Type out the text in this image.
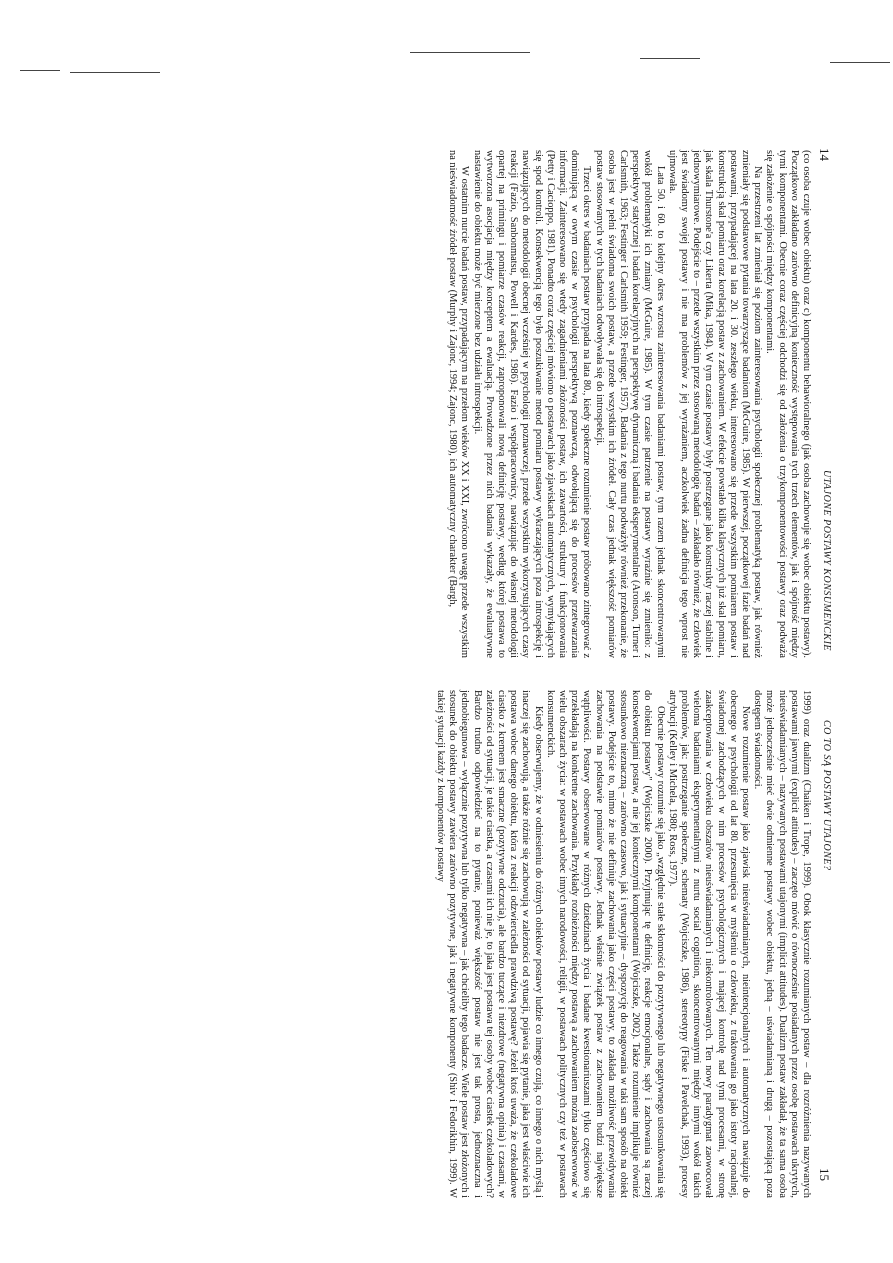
14
15
UTAJONE POSTAWY KONSUMENCKIE
CO TO SĄ POSTAWY UTAJONE?

(co osoba czuje wobec obiektu) oraz c) komponentu behawioralnego (jak osoba zachowuje się wobec obiektu postawy). Początkowo zakładano zarówno definicyjną konieczność występowania tych trzech elementów, jak i spójność między tymi komponentami. Obecnie coraz częściej odchodzi się od założenia o trzykomponentowości postawy oraz podważa się założenie o spójności między komponentami.

Na przestrzeni lat zmieniał się poziom zainteresowania psychologii społecznej problematyką postaw, jak również zmieniały się podstawowe pytania towarzyszące badaniom (McGuire, 1985). W pierwszej, początkowej fazie badań nad postawami, przypadającej na lata 20. i 30. zeszłego wieku, interesowano się przede wszystkim pomiarem postaw i konstrukcją skal pomiaru oraz korelacją postaw z zachowaniem. W efekcie powstało kilka klasycznych już skal pomiaru, jak skala Thurstone'a czy Likerta (Mika, 1984). W tym czasie postawy były postrzegane jako konstrukty raczej stabilne i jednowymiarowe. Podejście to – przede wszystkim przez stosowaną metodologię badań – zakładało również, że człowiek jest świadomy swojej postawy i nie ma problemów z jej wyrażaniem, aczkolwiek żadna definicja tego wprost nie ujmowała.

Lata 50. i 60. to kolejny okres wzrostu zainteresowania badaniami postaw, tym razem jednak skoncentrowanymi wokół problematyki ich zmiany (McGuire, 1985). W tym czasie patrzenie na postawy wyraźnie się zmieniło: z perspektywy statycznej i badań korelacyjnych na perspektywę dynamiczną i badania eksperymentalne (Aronson, Turner i Carlsmith, 1963; Festinger i Carlsmith 1959; Festinger, 1957). Badania z tego nurtu podważyły również przekonanie, że osoba jest w pełni świadoma swoich postaw, a przede wszystkim ich źródeł. Cały czas jednak większość pomiarów postaw stosowanych w tych badaniach odwoływała się do introspekcji.

Trzeci okres w badaniach postaw przypada na lata 80., kiedy społeczne rozumienie postaw próbowano zintegrować z dominującą w owym czasie w psychologii perspektywą poznawczą, odwołującą się do procesów przetwarzania informacji. Zainteresowano się wtedy zagadnieniami złożoności postaw, ich zawartości, struktury i funkcjonowania (Petty i Cacioppo, 1981). Ponadto coraz częściej mówiono o postawach jako zjawiskach automatycznych, wymykających się spod kontroli. Konsekwencją tego było poszukiwanie metod pomiaru postawy wykraczających poza introspekcję i nawiązujących do metodologii obecnej wcześniej w psychologii poznawczej, przede wszystkim wykorzystujących czasy reakcji (Fazio, Sanbonmatsu, Powell i Kardes, 1986). Fazio i współpracownicy, nawiązując do własnej metodologii opartej na primingu i pomiarze czasów reakcji, zaproponowali nową definicję postawy, według której postawa to wytworzona asocjacja między konceptem a ewaluacją. Prowadzone przez nich badania wykazały, że ewaluatywne nastawienie do obiektu może być mierzone bez udziału introspekcji.

W ostatnim nurcie badań postaw, przypadającym na przełom wieków XX i XXI, zwrócono uwagę przede wszystkim na nieświadomość źródeł postaw (Murphy i Zajonc, 1994; Zajonc, 1980), ich automatyczny charakter (Bargh,

1999) oraz dualizm (Chaiken i Trope, 1999). Obok klasycznie rozumianych postaw – dla rozróżnienia nazywanych postawami jawnymi (explicit attitudes) – zaczęto mówić o równocześnie posiadanych przez osobę postawach ukrytych, nieuświadamianych – nazywanych postawami utajonymi (implicit attitudes). Dualizm postaw zakładał, że ta sama osoba może jednocześnie mieć dwie odmienne postawy wobec obiektu, jedną – uświadamianą i drugą – pozostającą poza dostępem świadomości.

Nowe rozumienie postaw jako zjawisk nieuświadamianych, nieintencjonalnych i automatycznych nawiązuje do obecnego w psychologii od lat 80. przesunięcia w myśleniu o człowieku, z traktowania go jako istoty racjonalnej, świadomej zachodzących w nim procesów psychologicznych i mającej kontrolę nad tymi procesami, w stronę zaakceptowania w człowieku obszarów nieuświadamianych i niekontrolowanych. Ten nowy paradygmat zaowocował wieloma badaniami eksperymentalnymi z nurtu social cognition, skoncentrowanymi między innymi wokół takich problemów, jak: postrzeganie społeczne, schematy (Wojciszke, 1986), stereotypy (Fiske i Pavelchak, 1993), procesy atrybucji (Kelley i Michela, 1980; Ross, 1977).

Obecnie postawy rozumie się jako „względnie stałe skłonności do pozytywnego lub negatywnego ustosunkowania się do obiektu postawy" (Wojciszke 2000). Przyjmując tę definicję, reakcje emocjonalne, sądy i zachowania są raczej konsekwencjami postaw, a nie jej koniecznymi komponentami (Wojciszke, 2002). Także rozumienie implikuje również stosunkowo nieznaczną – zarówno czasowo, jak i sytuacyjnie – dyspozycję do reagowania w taki sam sposób na obiekt postawy. Podejście to, mimo że nie definiuje zachowania jako części postawy, to zakłada możliwość przewidywania zachowania na podstawie pomiarów postawy. Jednak właśnie związek postaw z zachowaniem budzi największe wątpliwości. Postawy obserwowane w różnych dziedzinach życia i badane kwestionariuszami tylko częściowo się przekładają na konkretne zachowania. Przykłady rozbieżności między postawą a zachowaniem można zaobserwować w wielu obszarach życia: w postawach wobec innych narodowości, religii, w postawach politycznych czy też w postawach konsumenckich.

Kiedy obserwujemy, że w odniesieniu do różnych obiektów postawy ludzie co innego czują, co innego o nich myślą i inaczej się zachowują, a także różnie się zachowują w zależności od sytuacji, pojawia się pytanie, jaka jest właściwie ich postawa wobec danego obiektu, która z reakcji odzwierciedla prawdziwą postawę? Jeżeli ktoś uważa, że czekoladowe ciastko z kremem jest smaczne (pozytywne odczucia), ale bardzo tuczące i niezdrowe (negatywna opinia) i czasami, w zależności od sytuacji, je takie ciastka, a czasami ich nie je, to jaka jest postawa tej osoby wobec ciastek czekoladowych? Bardzo trudno odpowiedzieć na to pytanie, ponieważ większość postaw nie jest tak prosta, jednoznaczna i jednobiegunowa – wyłącznie pozytywna lub tylko negatywna – jak chcieliby tego badacze. Wiele postaw jest złożonych i stosunek do obiektu postawy zawiera zarówno pozytywne, jak i negatywne komponenty (Shiv i Fedorikhin, 1999). W takiej sytuacji każdy z komponentów postawy
